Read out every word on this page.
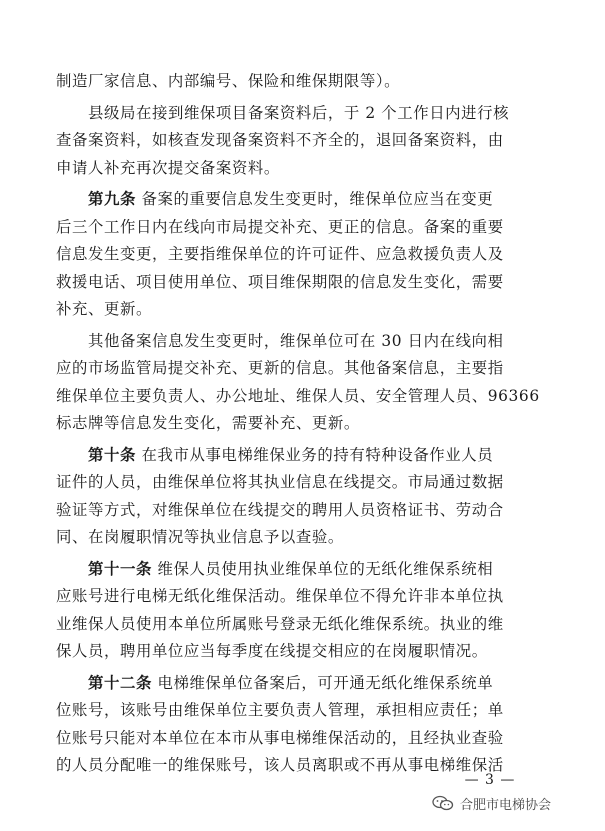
制造厂家信息、内部编号、保险和维保期限等）。
县级局在接到维保项目备案资料后，于 2 个工作日内进行核
查备案资料，如核查发现备案资料不齐全的，退回备案资料，由
申请人补充再次提交备案资料。
第九条 备案的重要信息发生变更时，维保单位应当在变更
后三个工作日内在线向市局提交补充、更正的信息。备案的重要
信息发生变更，主要指维保单位的许可证件、应急救援负责人及
救援电话、项目使用单位、项目维保期限的信息发生变化，需要
补充、更新。
其他备案信息发生变更时，维保单位可在 30 日内在线向相
应的市场监管局提交补充、更新的信息。其他备案信息，主要指
维保单位主要负责人、办公地址、维保人员、安全管理人员、96366
标志牌等信息发生变化，需要补充、更新。
第十条 在我市从事电梯维保业务的持有特种设备作业人员
证件的人员，由维保单位将其执业信息在线提交。市局通过数据
验证等方式，对维保单位在线提交的聘用人员资格证书、劳动合
同、在岗履职情况等执业信息予以查验。
第十一条 维保人员使用执业维保单位的无纸化维保系统相
应账号进行电梯无纸化维保活动。维保单位不得允许非本单位执
业维保人员使用本单位所属账号登录无纸化维保系统。执业的维
保人员，聘用单位应当每季度在线提交相应的在岗履职情况。
第十二条 电梯维保单位备案后，可开通无纸化维保系统单
位账号，该账号由维保单位主要负责人管理，承担相应责任；单
位账号只能对本单位在本市从事电梯维保活动的，且经执业查验
的人员分配唯一的维保账号，该人员离职或不再从事电梯维保活
— 3 —
合肥市电梯协会
